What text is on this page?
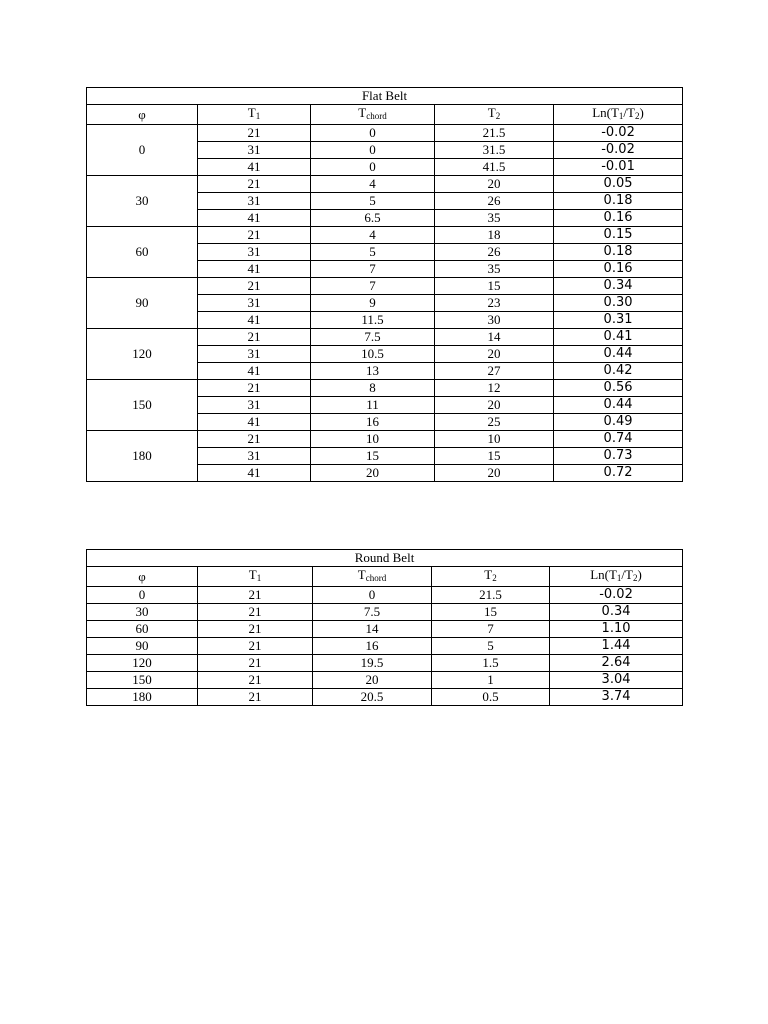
Flat Belt				
φ	$T_1$	$T_{chord}$	$T_2$	$Ln(T_1/T_2)$
0	21	0	21.5	-0.02
	31	0	31.5	-0.02
	41	0	41.5	-0.01
30	21	4	20	0.05
	31	5	26	0.18
	41	6.5	35	0.16
60	21	4	18	0.15
	31	5	26	0.18
	41	7	35	0.16
90	21	7	15	0.34
	31	9	23	0.30
	41	11.5	30	0.31
120	21	7.5	14	0.41
	31	10.5	20	0.44
	41	13	27	0.42
150	21	8	12	0.56
	31	11	20	0.44
	41	16	25	0.49
180	21	10	10	0.74
	31	15	15	0.73
	41	20	20	0.72
Round Belt				
φ	$T_1$	$T_{chord}$	$T_2$	$Ln(T_1/T_2)$
0	21	0	21.5	-0.02
30	21	7.5	15	0.34
60	21	14	7	1.10
90	21	16	5	1.44
120	21	19.5	1.5	2.64
150	21	20	1	3.04
180	21	20.5	0.5	3.74
